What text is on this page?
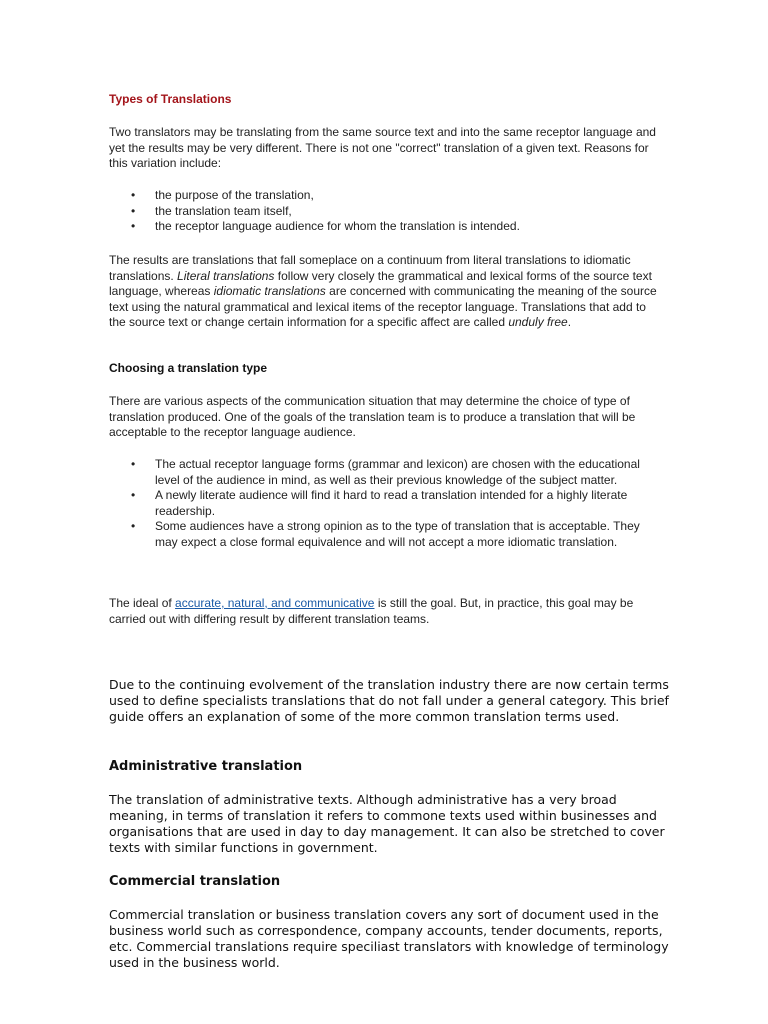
Types of Translations

Two translators may be translating from the same source text and into the same receptor language and yet the results may be very different. There is not one "correct" translation of a given text. Reasons for this variation include:

• the purpose of the translation,
• the translation team itself,
• the receptor language audience for whom the translation is intended.

The results are translations that fall someplace on a continuum from literal translations to idiomatic translations. Literal translations follow very closely the grammatical and lexical forms of the source text language, whereas idiomatic translations are concerned with communicating the meaning of the source text using the natural grammatical and lexical items of the receptor language. Translations that add to the source text or change certain information for a specific affect are called unduly free.

Choosing a translation type

There are various aspects of the communication situation that may determine the choice of type of translation produced. One of the goals of the translation team is to produce a translation that will be acceptable to the receptor language audience.

• The actual receptor language forms (grammar and lexicon) are chosen with the educational level of the audience in mind, as well as their previous knowledge of the subject matter.
• A newly literate audience will find it hard to read a translation intended for a highly literate readership.
• Some audiences have a strong opinion as to the type of translation that is acceptable. They may expect a close formal equivalence and will not accept a more idiomatic translation.

The ideal of accurate, natural, and communicative is still the goal. But, in practice, this goal may be carried out with differing result by different translation teams.

Due to the continuing evolvement of the translation industry there are now certain terms used to define specialists translations that do not fall under a general category. This brief guide offers an explanation of some of the more common translation terms used.

Administrative translation

The translation of administrative texts. Although administrative has a very broad meaning, in terms of translation it refers to commone texts used within businesses and organisations that are used in day to day management. It can also be stretched to cover texts with similar functions in government.

Commercial translation

Commercial translation or business translation covers any sort of document used in the business world such as correspondence, company accounts, tender documents, reports, etc. Commercial translations require speciliast translators with knowledge of terminology used in the business world.
